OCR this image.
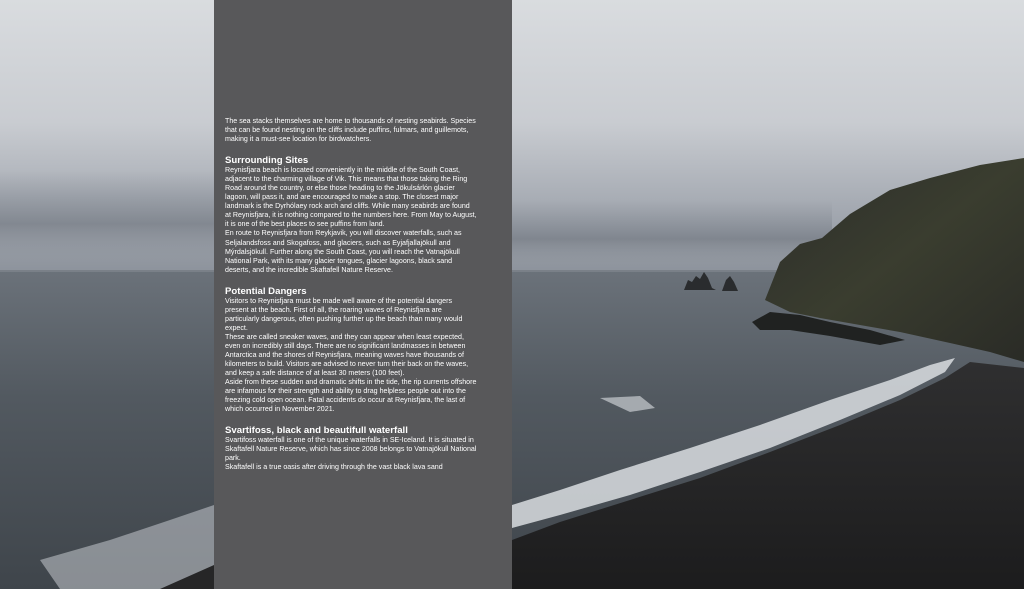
The sea stacks themselves are home to thousands of nesting seabirds. Species that can be found nesting on the cliffs include puffins, fulmars, and guillemots, making it a must-see location for birdwatchers.

Surrounding Sites

Reynisfjara beach is located conveniently in the middle of the South Coast, adjacent to the charming village of Vik. This means that those taking the Ring Road around the country, or else those heading to the Jökulsárlón glacier lagoon, will pass it, and are encouraged to make a stop. The closest major landmark is the Dyrhólaey rock arch and cliffs. While many seabirds are found at Reynisfjara, it is nothing compared to the numbers here. From May to August, it is one of the best places to see puffins from land.

En route to Reynisfjara from Reykjavik, you will discover waterfalls, such as Seljalandsfoss and Skogafoss, and glaciers, such as Eyjafjallajökull and Mýrdalsjökull. Further along the South Coast, you will reach the Vatnajökull National Park, with its many glacier tongues, glacier lagoons, black sand deserts, and the incredible Skaftafell Nature Reserve.

Potential Dangers

Visitors to Reynisfjara must be made well aware of the potential dangers present at the beach. First of all, the roaring waves of Reynisfjara are particularly dangerous, often pushing further up the beach than many would expect.

These are called sneaker waves, and they can appear when least expected, even on incredibly still days. There are no significant landmasses in between Antarctica and the shores of Reynisfjara, meaning waves have thousands of kilometers to build. Visitors are advised to never turn their back on the waves, and keep a safe distance of at least 30 meters (100 feet).

Aside from these sudden and dramatic shifts in the tide, the rip currents offshore are infamous for their strength and ability to drag helpless people out into the freezing cold open ocean. Fatal accidents do occur at Reynisfjara, the last of which occurred in November 2021.

Svartifoss, black and beautifull waterfall

Svartifoss waterfall is one of the unique waterfalls in SE-Iceland. It is situated in Skaftafell Nature Reserve, which has since 2008 belongs to Vatnajökull National park.

Skaftafell is a true oasis after driving through the vast black lava sand
